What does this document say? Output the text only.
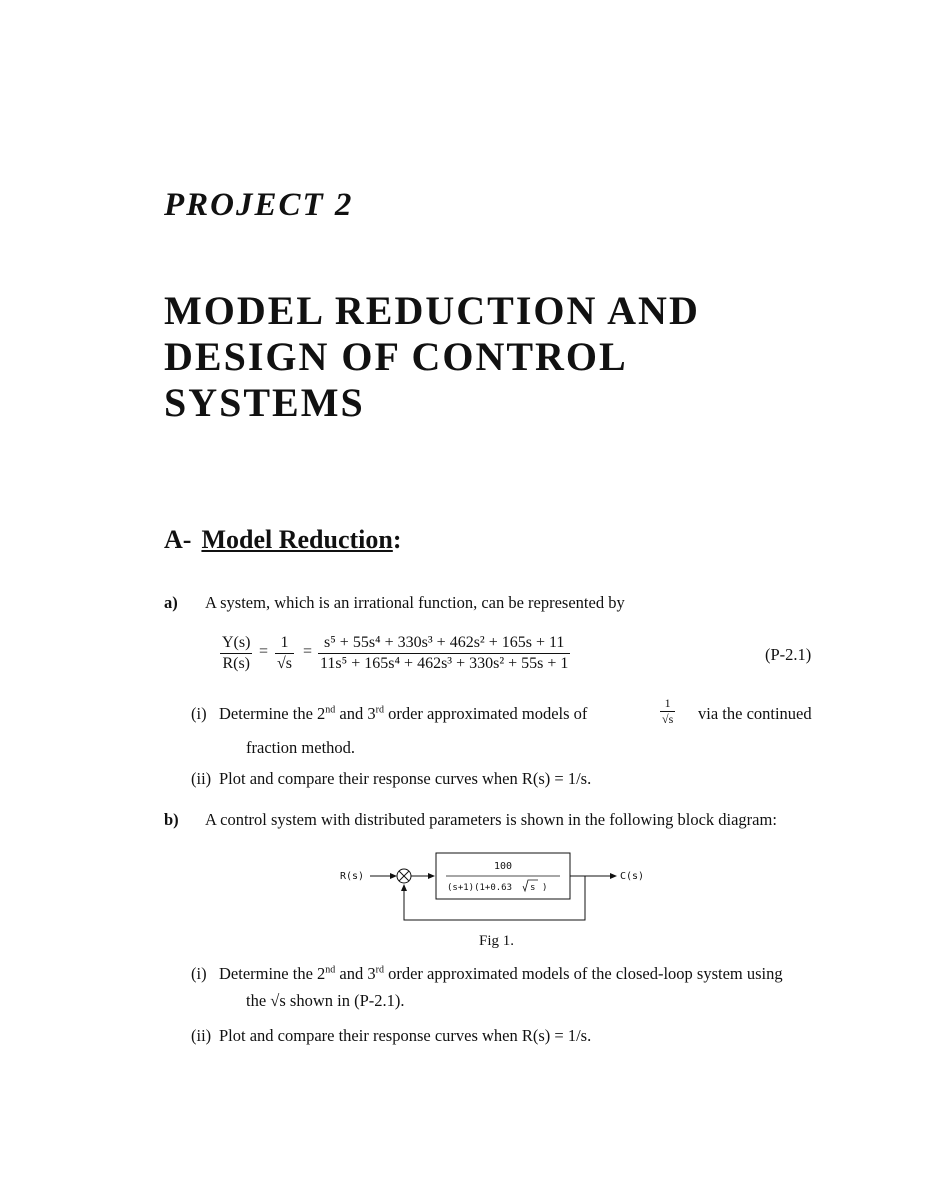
PROJECT 2
MODEL REDUCTION AND
DESIGN OF CONTROL
SYSTEMS
A- Model Reduction:
a) A system, which is an irrational function, can be represented by
$\frac{Y(s)}{R(s)} = \frac{1}{√s} = \frac{\text{s⁵ + 55s⁴ + 330s³ + 462s² + 165s + 11}}{\text{11s⁵ + 165s⁴ + 462s³ + 330s² + 55s + 1}}$	(P-2.1)
(i) Determine the 2nd and 3rd order approximated models of	$\frac{1}{√s}$ via the continued
fraction method.
(ii) Plot and compare their response curves when R(s) = 1/s.
b) A control system with distributed parameters is shown in the following block diagram:
R(s)
100
(s+1)(1+0.63 s )
C(s)
Fig 1.
(i) Determine the 2nd and 3rd order approximated models of the closed-loop system using
the √s shown in (P-2.1).
(ii) Plot and compare their response curves when R(s) = 1/s.
